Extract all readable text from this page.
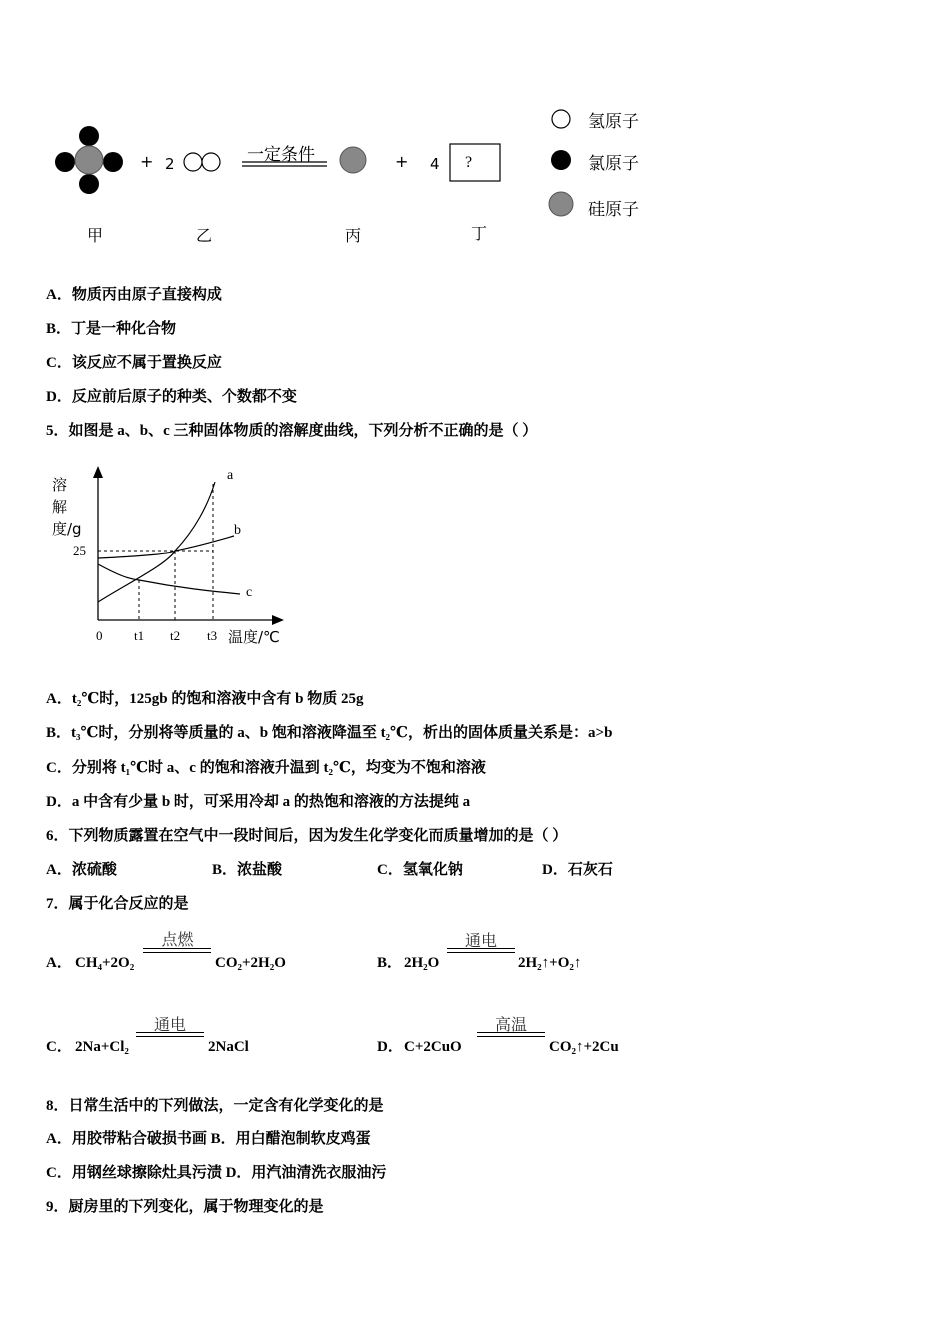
+	+
2	一定条件	4 ?
甲	乙	丙	丁
氢原子
氯原子
硅原子
A．物质丙由原子直接构成
B．丁是一种化合物
C．该反应不属于置换反应
D．反应前后原子的种类、个数都不变
5．如图是 a、b、c 三种固体物质的溶解度曲线，下列分析不正确的是（ ）
溶解度/g
25
0 t1 t2 t3 温度/℃
a
b
c
A．t₂℃时，125gb 的饱和溶液中含有 b 物质 25g
B．t₃℃时，分别将等质量的 a、b 饱和溶液降温至 t₂℃，析出的固体质量关系是：a>b
C．分别将 t₁℃时 a、c 的饱和溶液升温到 t₂℃，均变为不饱和溶液
D．a 中含有少量 b 时，可采用冷却 a 的热饱和溶液的方法提纯 a
6．下列物质露置在空气中一段时间后，因为发生化学变化而质量增加的是（ ）
A．浓硫酸	B．浓盐酸	C．氢氧化钠	D．石灰石
7．属于化合反应的是
A． CH₄+2O₂
点燃
CO₂+2H₂O	B． 2H₂O
通电
2H₂↑+O₂↑
C． 2Na+Cl₂
通电
2NaCl	D． C+2CuO
高温
CO₂↑+2Cu
8．日常生活中的下列做法，一定含有化学变化的是
A．用胶带粘合破损书画 B．用白醋泡制软皮鸡蛋
C．用钢丝球擦除灶具污渍 D．用汽油清洗衣服油污
9．厨房里的下列变化，属于物理变化的是
